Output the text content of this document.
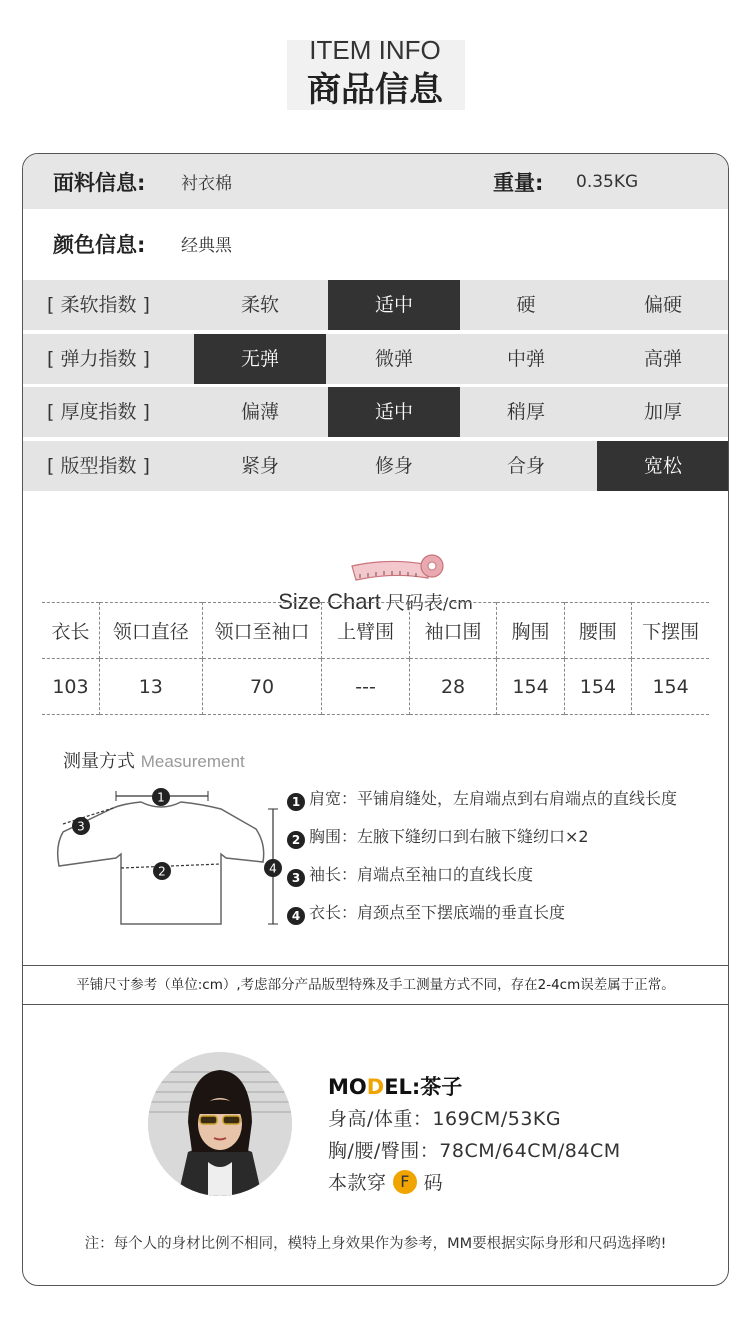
ITEM INFO
商品信息
面料信息: 衬衣棉	重量: 0.35KG
颜色信息: 经典黑
[ 柔软指数 ]	柔软	适中	硬	偏硬
[ 弹力指数 ]	无弹	微弹	中弹	高弹
[ 厚度指数 ]	偏薄	适中	稍厚	加厚
[ 版型指数 ]	紧身	修身	合身	宽松
Size Chart 尺码表/cm
衣长	领口直径	领口至袖口	上臂围	袖口围	胸围	腰围	下摆围
103	13	70	---	28	154	154	154
测量方式 Measurement
1
2
3
4
1 肩宽：平铺肩缝处，左肩端点到右肩端点的直线长度
2 胸围：左腋下缝纫口到右腋下缝纫口×2
3 袖长：肩端点至袖口的直线长度
4 衣长：肩颈点至下摆底端的垂直长度
平铺尺寸参考（单位:cm）,考虑部分产品版型特殊及手工测量方式不同，存在2-4cm误差属于正常。
MODEL:茶子
身高/体重：169CM/53KG
胸/腰/臀围：78CM/64CM/84CM
本款穿 F 码
注：每个人的身材比例不相同，模特上身效果作为参考，MM要根据实际身形和尺码选择哟!
